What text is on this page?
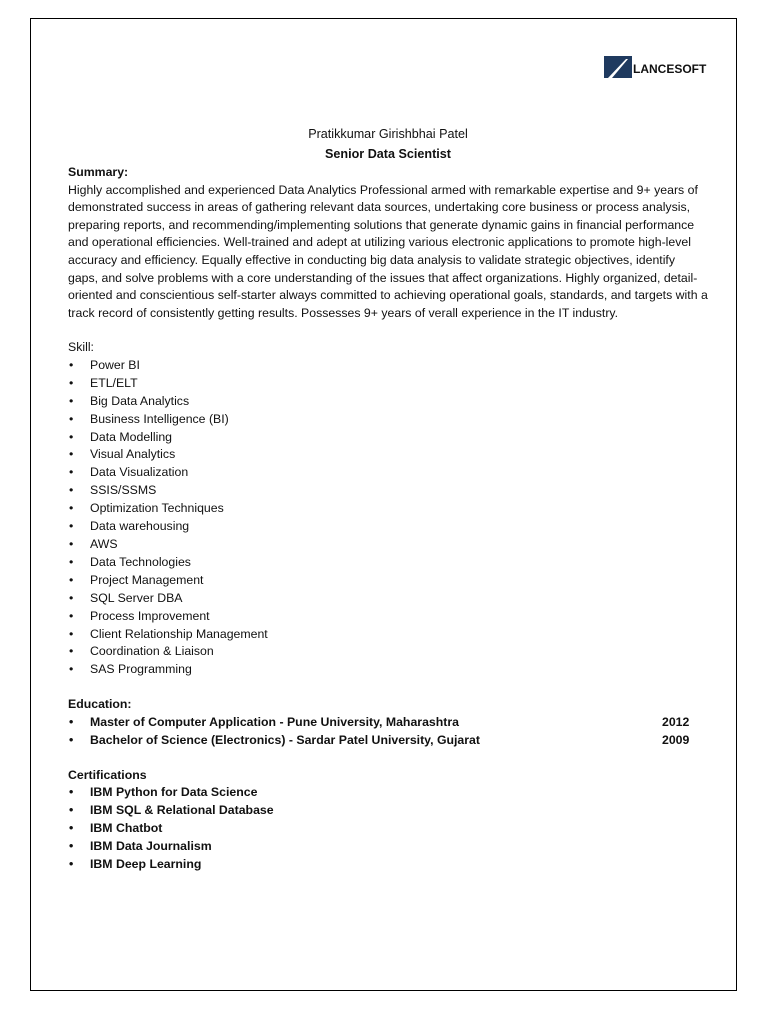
LANCESOFT

Pratikkumar Girishbhai Patel

Senior Data Scientist

Summary:

Highly accomplished and experienced Data Analytics Professional armed with remarkable expertise and 9+ years of demonstrated success in areas of gathering relevant data sources, undertaking core business or process analysis, preparing reports, and recommending/implementing solutions that generate dynamic gains in financial performance and operational efficiencies. Well-trained and adept at utilizing various electronic applications to promote high-level accuracy and efficiency. Equally effective in conducting big data analysis to validate strategic objectives, identify gaps, and solve problems with a core understanding of the issues that affect organizations. Highly organized, detail-oriented and conscientious self-starter always committed to achieving operational goals, standards, and targets with a track record of consistently getting results. Possesses 9+ years of verall experience in the IT industry.

Skill:

• Power BI
• ETL/ELT
• Big Data Analytics
• Business Intelligence (BI)
• Data Modelling
• Visual Analytics
• Data Visualization
• SSIS/SSMS
• Optimization Techniques
• Data warehousing
• AWS
• Data Technologies
• Project Management
• SQL Server DBA
• Process Improvement
• Client Relationship Management
• Coordination & Liaison
• SAS Programming

Education:

• Master of Computer Application - Pune University, Maharashtra	2012
• Bachelor of Science (Electronics) - Sardar Patel University, Gujarat	2009

Certifications

• IBM Python for Data Science
• IBM SQL & Relational Database
• IBM Chatbot
• IBM Data Journalism
• IBM Deep Learning
